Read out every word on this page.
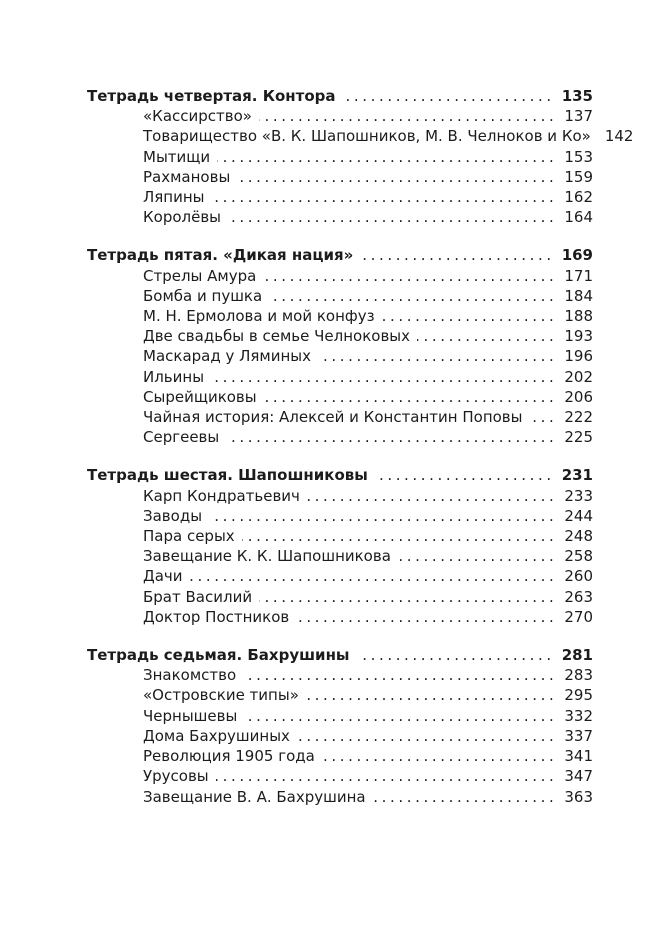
Тетрадь четвертая. Контора .....	135
«Кассирство» .....	137
Товарищество «В. К. Шапошников, М. В. Челноков и Ко» 142
Мытищи .....	153
Рахмановы .....	159
Ляпины .....	162
Королёвы .....	164
Тетрадь пятая. «Дикая нация» .....	169
Стрелы Амура .....	171
Бомба и пушка .....	184
М. Н. Ермолова и мой конфуз .....	188
Две свадьбы в семье Челноковых .....	193
Маскарад у Ляминых .....	196
Ильины .....	202
Сырейщиковы .....	206
Чайная история: Алексей и Константин Поповы .....	222
Сергеевы .....	225
Тетрадь шестая. Шапошниковы .....	231
Карп Кондратьевич .....	233
Заводы .....	244
Пара серых .....	248
Завещание К. К. Шапошникова .....	258
Дачи .....	260
Брат Василий .....	263
Доктор Постников .....	270
Тетрадь седьмая. Бахрушины .....	281
Знакомство .....	283
«Островские типы» .....	295
Чернышевы .....	332
Дома Бахрушиных .....	337
Революция 1905 года .....	341
Урусовы .....	347
Завещание В. А. Бахрушина .....	363
